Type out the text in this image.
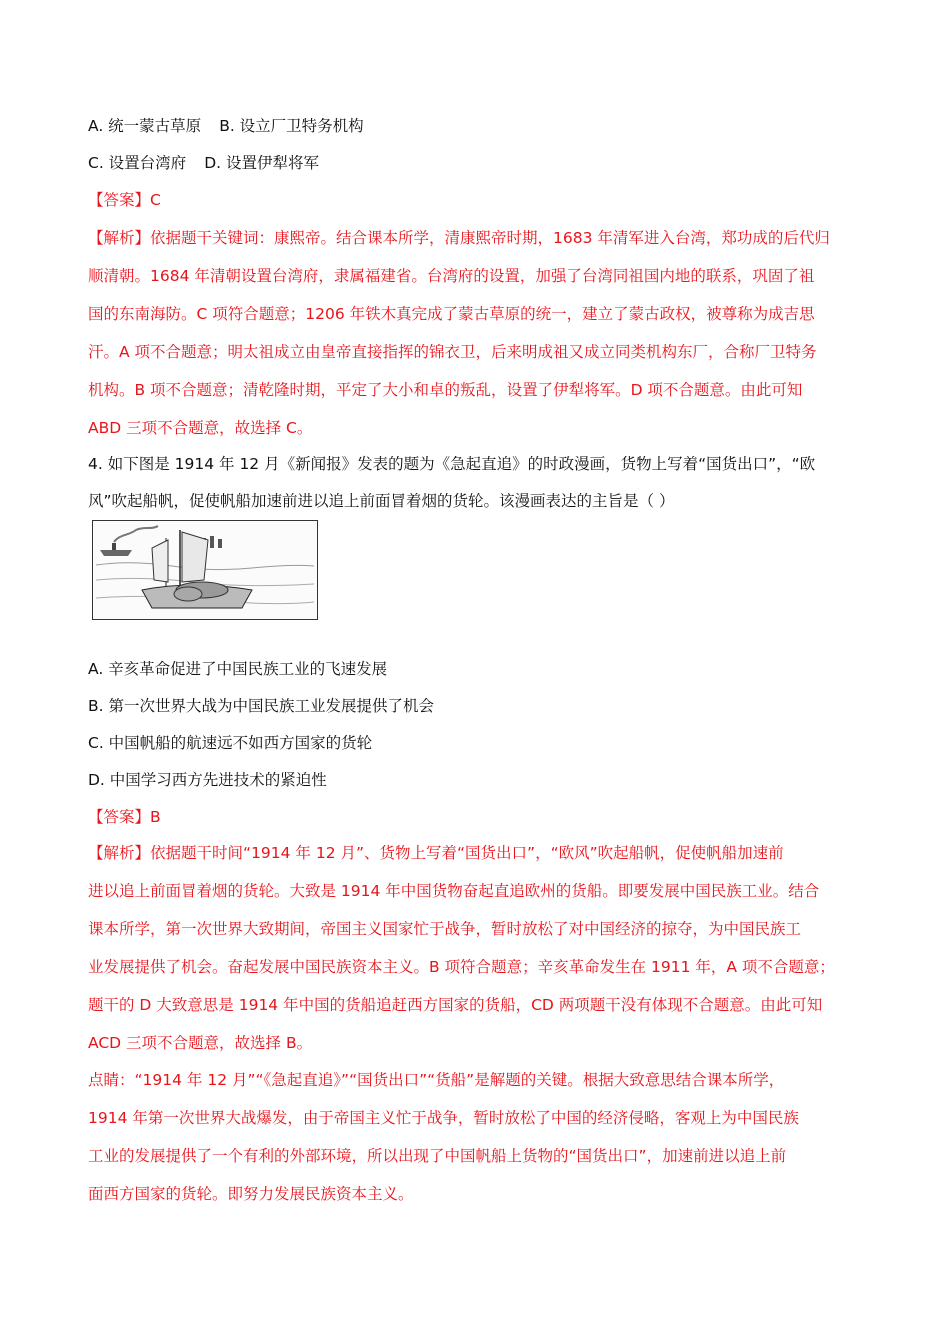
A. 统一蒙古草原 B. 设立厂卫特务机构
C. 设置台湾府 D. 设置伊犁将军
【答案】C
【解析】依据题干关键词：康熙帝。结合课本所学，清康熙帝时期，1683 年清军进入台湾，郑功成的后代归
顺清朝。1684 年清朝设置台湾府，隶属福建省。台湾府的设置，加强了台湾同祖国内地的联系，巩固了祖
国的东南海防。C 项符合题意；1206 年铁木真完成了蒙古草原的统一，建立了蒙古政权，被尊称为成吉思
汗。A 项不合题意；明太祖成立由皇帝直接指挥的锦衣卫，后来明成祖又成立同类机构东厂，合称厂卫特务
机构。B 项不合题意；清乾隆时期，平定了大小和卓的叛乱，设置了伊犁将军。D 项不合题意。由此可知
ABD 三项不合题意，故选择 C。
4. 如下图是 1914 年 12 月《新闻报》发表的题为《急起直追》的时政漫画，货物上写着“国货出口”，“欧
风”吹起船帆，促使帆船加速前进以追上前面冒着烟的货轮。该漫画表达的主旨是（ ）
A. 辛亥革命促进了中国民族工业的飞速发展
B. 第一次世界大战为中国民族工业发展提供了机会
C. 中国帆船的航速远不如西方国家的货轮
D. 中国学习西方先进技术的紧迫性
【答案】B
【解析】依据题干时间“1914 年 12 月”、货物上写着“国货出口”，“欧风”吹起船帆，促使帆船加速前
进以追上前面冒着烟的货轮。大致是 1914 年中国货物奋起直追欧州的货船。即要发展中国民族工业。结合
课本所学，第一次世界大致期间，帝国主义国家忙于战争，暂时放松了对中国经济的掠夺，为中国民族工
业发展提供了机会。奋起发展中国民族资本主义。B 项符合题意；辛亥革命发生在 1911 年，A 项不合题意；
题干的 D 大致意思是 1914 年中国的货船追赶西方国家的货船，CD 两项题干没有体现不合题意。由此可知
ACD 三项不合题意，故选择 B。
点睛：“1914 年 12 月”“《急起直追》”“国货出口”“货船”是解题的关键。根据大致意思结合课本所学，
1914 年第一次世界大战爆发，由于帝国主义忙于战争，暂时放松了中国的经济侵略，客观上为中国民族
工业的发展提供了一个有利的外部环境，所以出现了中国帆船上货物的“国货出口”，加速前进以追上前
面西方国家的货轮。即努力发展民族资本主义。
